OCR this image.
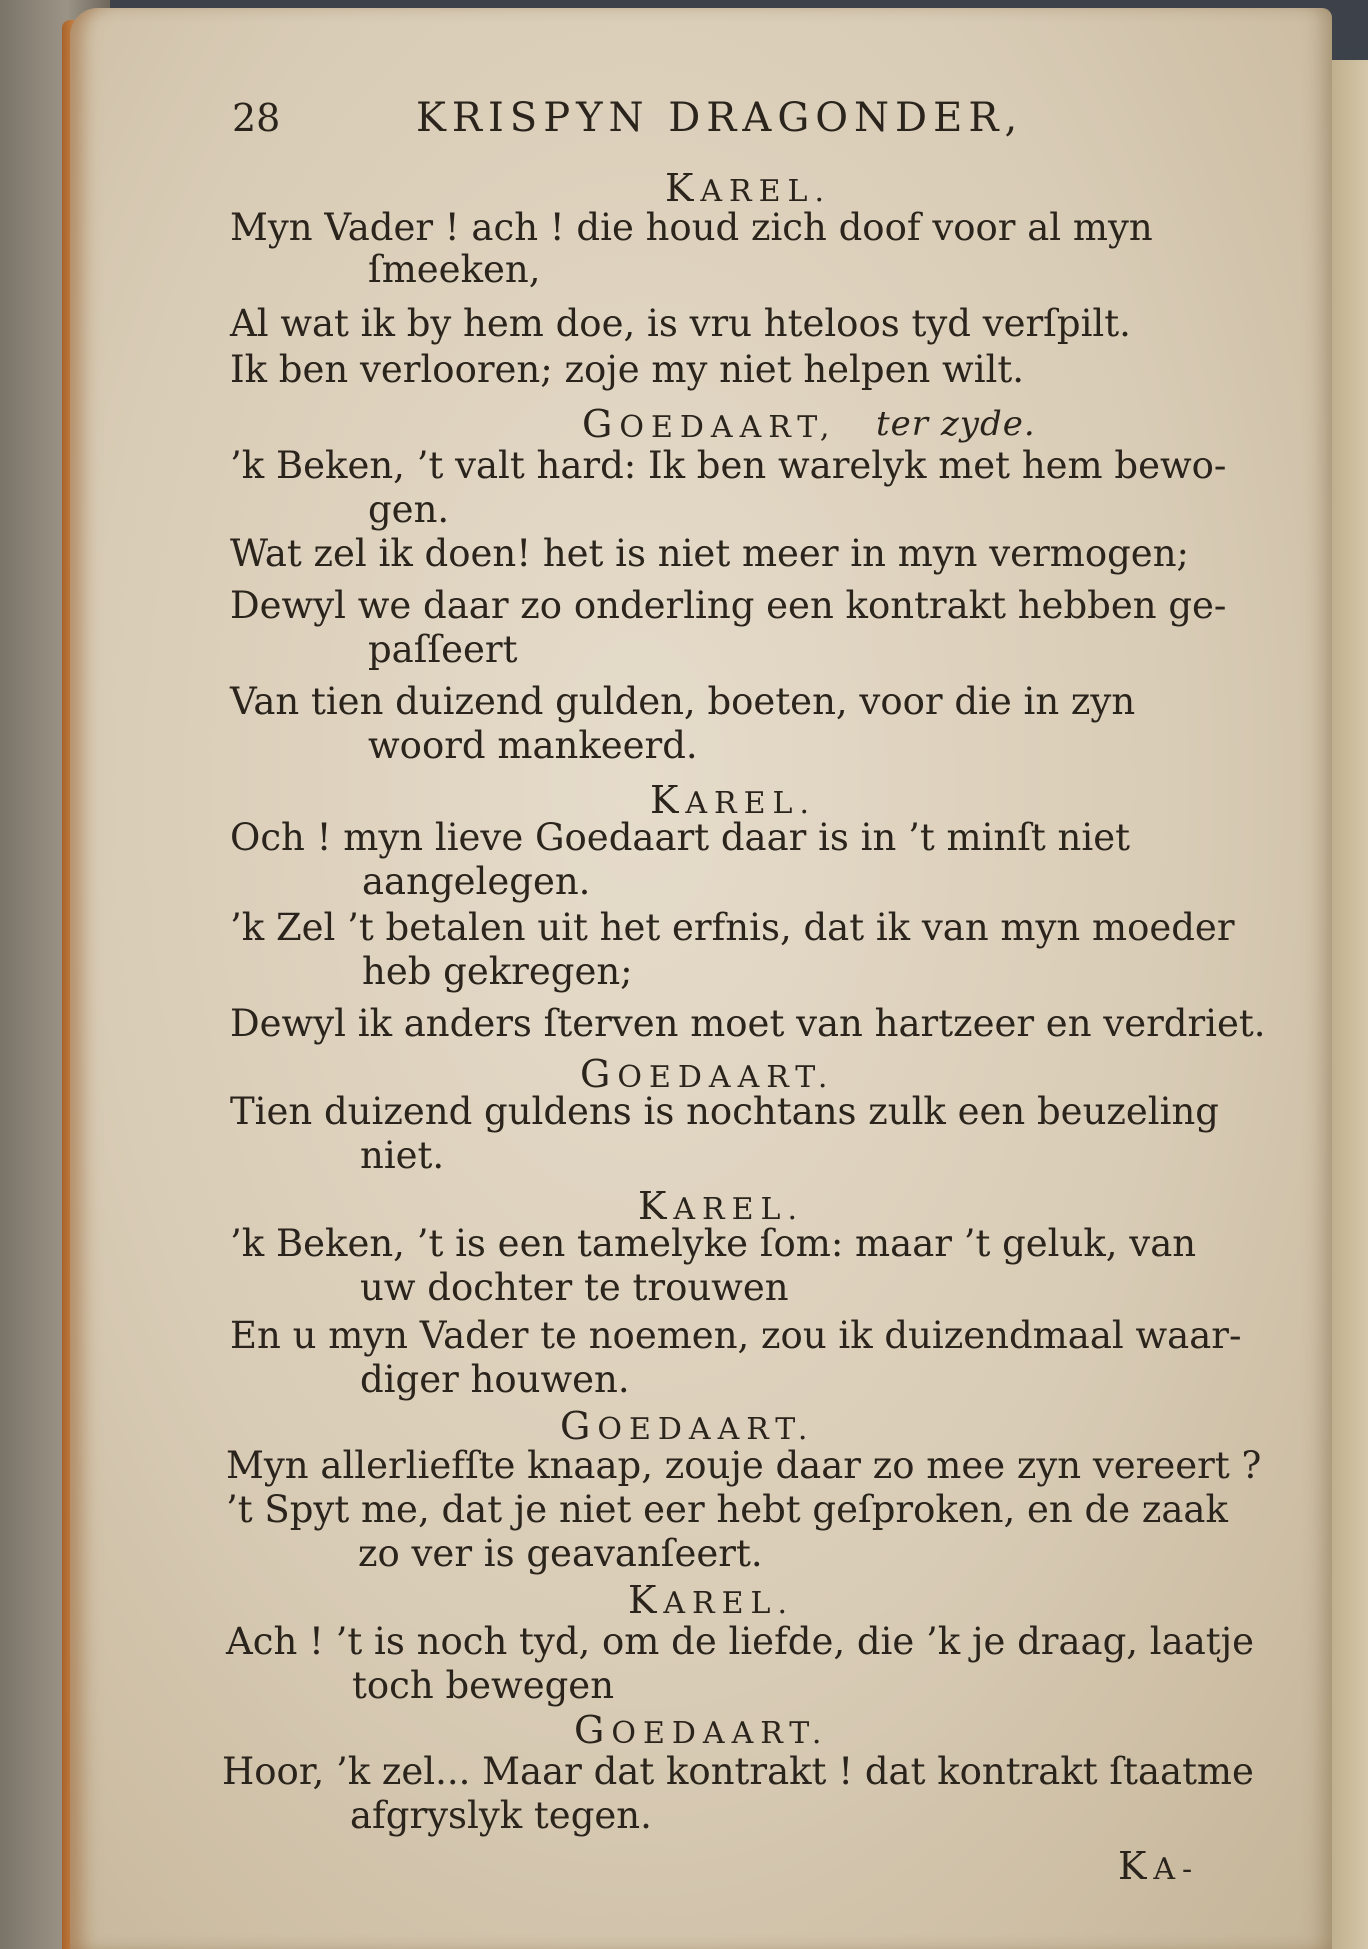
28	KRISPYN DRAGONDER,
KAREL.
Myn Vader ! ach ! die houd zich doof voor al myn
ſmeeken,
Al wat ik by hem doe, is vru hteloos tyd verſpilt.
Ik ben verlooren; zoje my niet helpen wilt.
GOEDAART, ter zyde.
’k Beken, ’t valt hard: Ik ben warelyk met hem bewo-
gen.
Wat zel ik doen! het is niet meer in myn vermogen;
Dewyl we daar zo onderling een kontrakt hebben ge-
paſſeert
Van tien duizend gulden, boeten, voor die in zyn
woord mankeerd.
KAREL.
Och ! myn lieve Goedaart daar is in ’t minſt niet
aangelegen.
’k Zel ’t betalen uit het erfnis, dat ik van myn moeder
heb gekregen;
Dewyl ik anders ſterven moet van hartzeer en verdriet.
GOEDAART.
Tien duizend guldens is nochtans zulk een beuzeling
niet.
KAREL.
’k Beken, ’t is een tamelyke ſom: maar ’t geluk, van
uw dochter te trouwen
En u myn Vader te noemen, zou ik duizendmaal waar-
diger houwen.
GOEDAART.
Myn allerliefſte knaap, zouje daar zo mee zyn vereert ?
’t Spyt me, dat je niet eer hebt geſproken, en de zaak
zo ver is geavanſeert.
KAREL.
Ach ! ’t is noch tyd, om de liefde, die ’k je draag, laatje
toch bewegen
GOEDAART.
Hoor, ’k zel... Maar dat kontrakt ! dat kontrakt ſtaatme
afgryslyk tegen.
KA-
